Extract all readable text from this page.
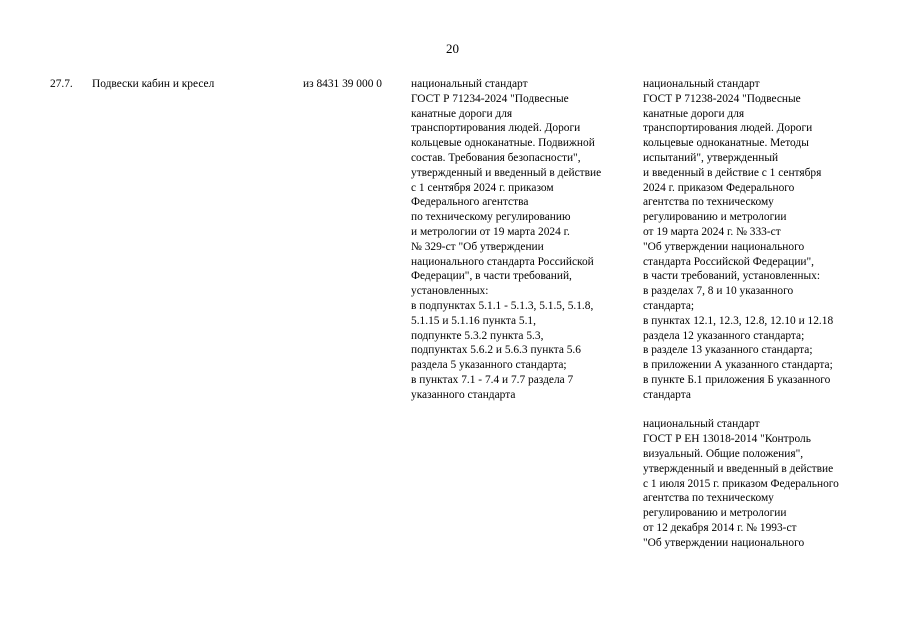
20
27.7. Подвески кабин и кресел	из 8431 39 000 0	национальный стандарт
ГОСТ Р 71234-2024 "Подвесные
канатные дороги для
транспортирования людей. Дороги
кольцевые одноканатные. Подвижной
состав. Требования безопасности",
утвержденный и введенный в действие
с 1 сентября 2024 г. приказом
Федерального агентства
по техническому регулированию
и метрологии от 19 марта 2024 г.
№ 329-ст "Об утверждении
национального стандарта Российской
Федерации", в части требований,
установленных:
в подпунктах 5.1.1 - 5.1.3, 5.1.5, 5.1.8,
5.1.15 и 5.1.16 пункта 5.1,
подпункте 5.3.2 пункта 5.3,
подпунктах 5.6.2 и 5.6.3 пункта 5.6
раздела 5 указанного стандарта;
в пунктах 7.1 - 7.4 и 7.7 раздела 7
указанного стандарта
национальный стандарт
ГОСТ Р 71238-2024 "Подвесные
канатные дороги для
транспортирования людей. Дороги
кольцевые одноканатные. Методы
испытаний", утвержденный
и введенный в действие с 1 сентября
2024 г. приказом Федерального
агентства по техническому
регулированию и метрологии
от 19 марта 2024 г. № 333-ст
"Об утверждении национального
стандарта Российской Федерации",
в части требований, установленных:
в разделах 7, 8 и 10 указанного
стандарта;
в пунктах 12.1, 12.3, 12.8, 12.10 и 12.18
раздела 12 указанного стандарта;
в разделе 13 указанного стандарта;
в приложении А указанного стандарта;
в пункте Б.1 приложения Б указанного
стандарта
национальный стандарт
ГОСТ Р ЕН 13018-2014 "Контроль
визуальный. Общие положения",
утвержденный и введенный в действие
с 1 июля 2015 г. приказом Федерального
агентства по техническому
регулированию и метрологии
от 12 декабря 2014 г. № 1993-ст
"Об утверждении национального
